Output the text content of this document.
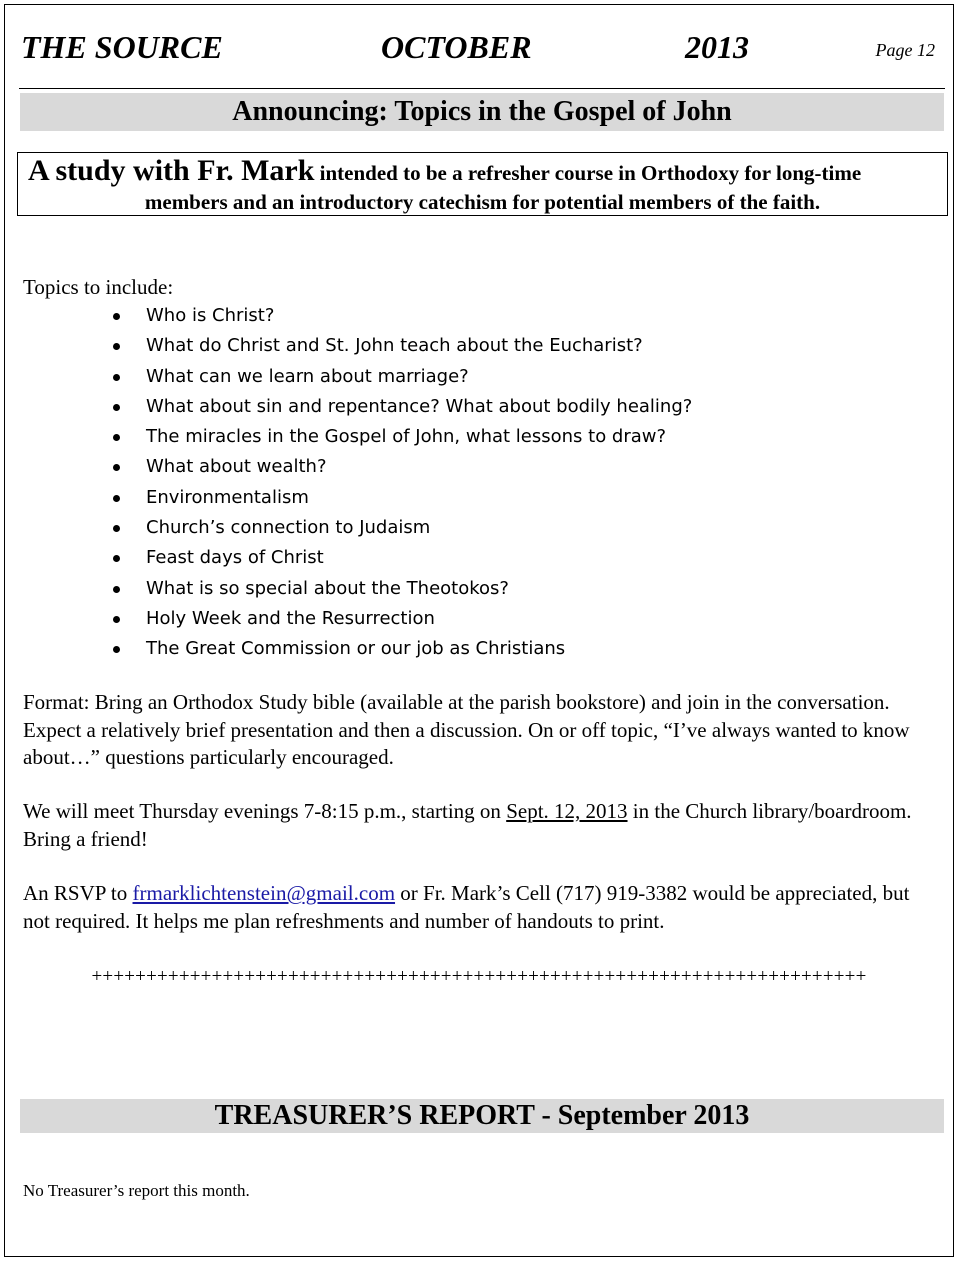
THE SOURCE	OCTOBER	2013	Page 12
Announcing: Topics in the Gospel of John
A study with Fr. Mark intended to be a refresher course in Orthodoxy for long-time
members and an introductory catechism for potential members of the faith.
Topics to include:
Who is Christ?
What do Christ and St. John teach about the Eucharist?
What can we learn about marriage?
What about sin and repentance? What about bodily healing?
The miracles in the Gospel of John, what lessons to draw?
What about wealth?
Environmentalism
Church’s connection to Judaism
Feast days of Christ
What is so special about the Theotokos?
Holy Week and the Resurrection
The Great Commission or our job as Christians
Format: Bring an Orthodox Study bible (available at the parish bookstore) and join in the conversation. Expect a relatively brief presentation and then a discussion. On or off topic, “I’ve always wanted to know about…” questions particularly encouraged.
We will meet Thursday evenings 7-8:15 p.m., starting on Sept. 12, 2013 in the Church library/boardroom. Bring a friend!
An RSVP to frmarklichtenstein@gmail.com or Fr. Mark’s Cell (717) 919-3382 would be appreciated, but not required. It helps me plan refreshments and number of handouts to print.
+++++++++++++++++++++++++++++++++++++++++++++++++++++++++++++++++++++++
TREASURER’S REPORT - September 2013
No Treasurer’s report this month.
